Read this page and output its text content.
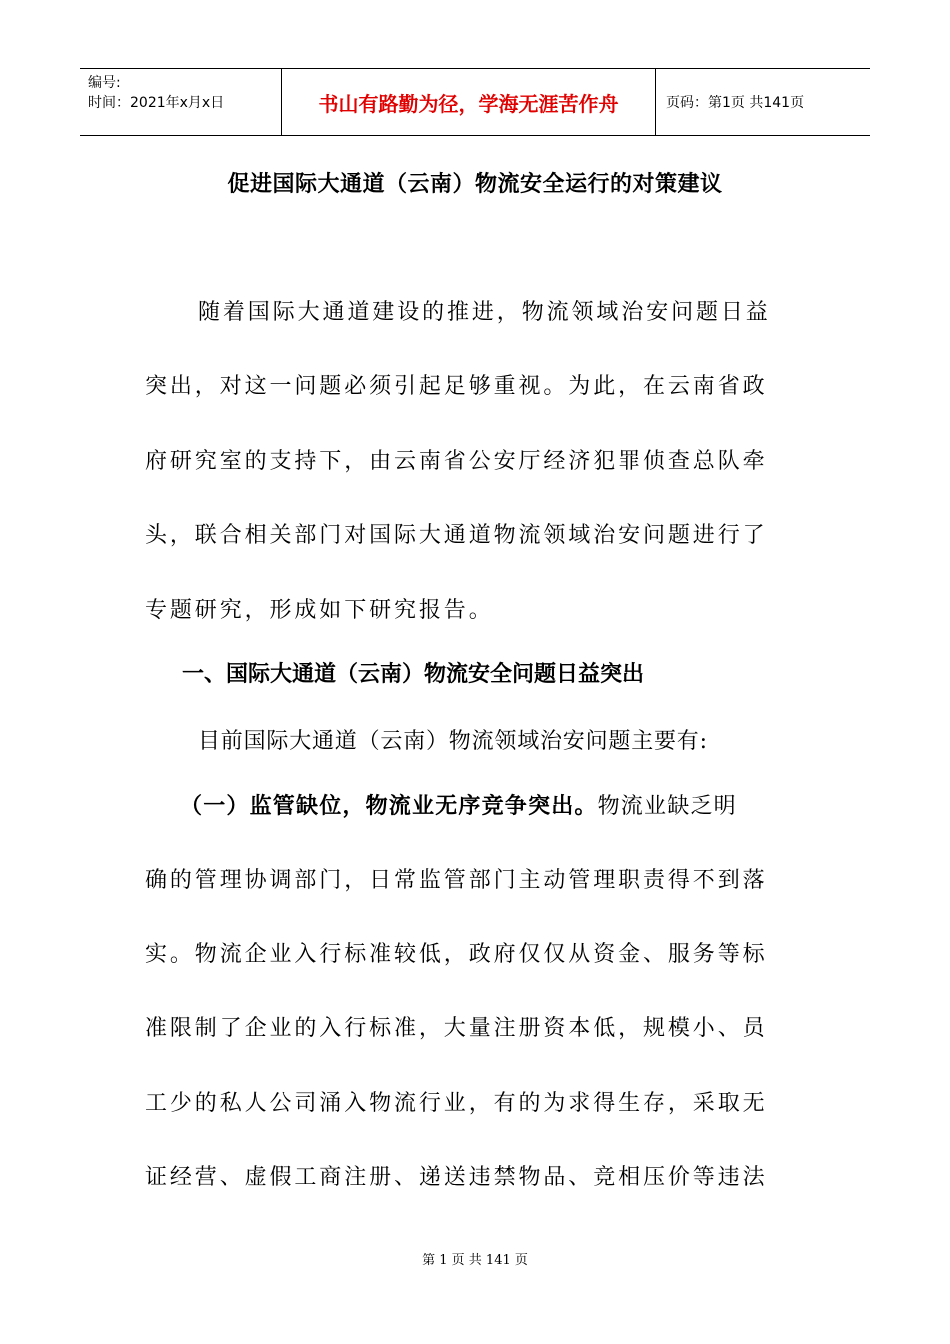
编号:
时间：2021年x月x日	书山有路勤为径，学海无涯苦作舟	页码：第1页 共141页
促进国际大通道（云南）物流安全运行的对策建议
随着国际大通道建设的推进，物流领域治安问题日益
突出，对这一问题必须引起足够重视。为此，在云南省政
府研究室的支持下，由云南省公安厅经济犯罪侦查总队牵
头，联合相关部门对国际大通道物流领域治安问题进行了
专题研究，形成如下研究报告。
一、国际大通道（云南）物流安全问题日益突出
目前国际大通道（云南）物流领域治安问题主要有:
（一）监管缺位，物流业无序竞争突出。物流业缺乏明
确的管理协调部门，日常监管部门主动管理职责得不到落
实。物流企业入行标准较低，政府仅仅从资金、服务等标
准限制了企业的入行标准，大量注册资本低，规模小、员
工少的私人公司涌入物流行业，有的为求得生存，采取无
证经营、虚假工商注册、递送违禁物品、竞相压价等违法
第 1 页 共 141 页
